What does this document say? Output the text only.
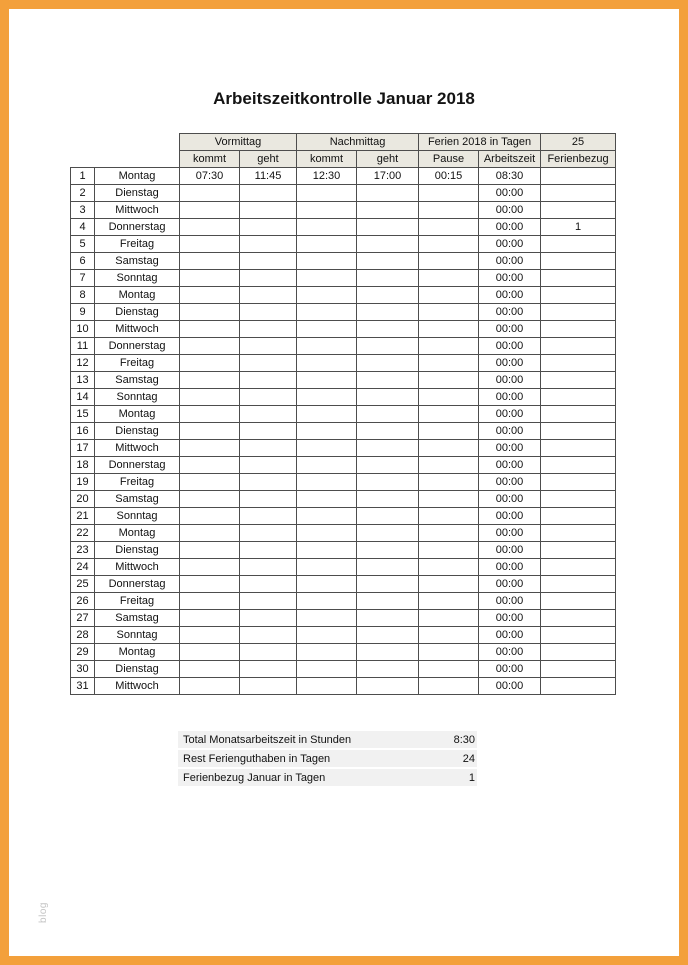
Arbeitszeitkontrolle Januar 2018
		Vormittag		Nachmittag		Ferien 2018 in Tagen		25
		kommt	geht	kommt	geht	Pause	Arbeitszeit	Ferienbezug
1	Montag	07:30	11:45	12:30	17:00	00:15	08:30	
2	Dienstag						00:00	
3	Mittwoch						00:00	
4	Donnerstag						00:00	1
5	Freitag						00:00	
6	Samstag						00:00	
7	Sonntag						00:00	
8	Montag						00:00	
9	Dienstag						00:00	
10	Mittwoch						00:00	
11	Donnerstag						00:00	
12	Freitag						00:00	
13	Samstag						00:00	
14	Sonntag						00:00	
15	Montag						00:00	
16	Dienstag						00:00	
17	Mittwoch						00:00	
18	Donnerstag						00:00	
19	Freitag						00:00	
20	Samstag						00:00	
21	Sonntag						00:00	
22	Montag						00:00	
23	Dienstag						00:00	
24	Mittwoch						00:00	
25	Donnerstag						00:00	
26	Freitag						00:00	
27	Samstag						00:00	
28	Sonntag						00:00	
29	Montag						00:00	
30	Dienstag						00:00	
31	Mittwoch						00:00	
Total Monatsarbeitszeit in Stunden	8:30
Rest Ferienguthaben in Tagen	24
Ferienbezug Januar in Tagen	1
blog
